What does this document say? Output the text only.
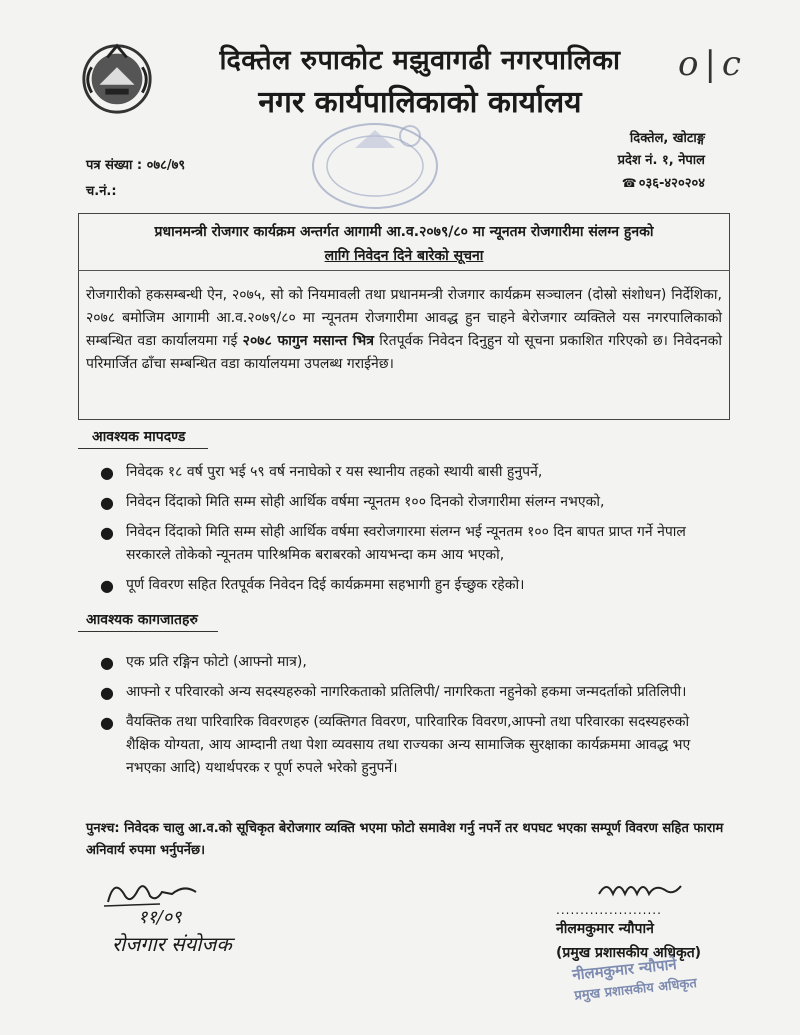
दिक्तेल रुपाकोट मझुवागढी नगरपालिका
नगर कार्यपालिकाको कार्यालय
o|c
पत्र संख्या : ०७८/७९
च.नं.:
दिक्तेल, खोटाङ्ग
प्रदेश नं. १, नेपाल
☎ ०३६-४२०२०४
प्रधानमन्त्री रोजगार कार्यक्रम अन्तर्गत आगामी आ.व.२०७९/८० मा न्यूनतम रोजगारीमा संलग्न हुनको
लागि निवेदन दिने बारेको सूचना
रोजगारीको हकसम्बन्धी ऐन, २०७५, सो को नियमावली तथा प्रधानमन्त्री रोजगार कार्यक्रम सञ्चालन (दोस्रो संशोधन) निर्देशिका, २०७८ बमोजिम आगामी आ.व.२०७९/८० मा न्यूनतम रोजगारीमा आवद्ध हुन चाहने बेरोजगार व्यक्तिले यस नगरपालिकाको सम्बन्धित वडा कार्यालयमा गई २०७८ फागुन मसान्त भित्र रितपूर्वक निवेदन दिनुहुन यो सूचना प्रकाशित गरिएको छ। निवेदनको परिमार्जित ढाँचा सम्बन्धित वडा कार्यालयमा उपलब्ध गराईनेछ।
आवश्यक मापदण्ड
● निवेदक १८ वर्ष पुरा भई ५९ वर्ष ननाघेको र यस स्थानीय तहको स्थायी बासी हुनुपर्ने,
● निवेदन दिंदाको मिति सम्म सोही आर्थिक वर्षमा न्यूनतम १०० दिनको रोजगारीमा संलग्न नभएको,
● निवेदन दिंदाको मिति सम्म सोही आर्थिक वर्षमा स्वरोजगारमा संलग्न भई न्यूनतम १०० दिन बापत प्राप्त गर्ने नेपाल सरकारले तोकेको न्यूनतम पारिश्रमिक बराबरको आयभन्दा कम आय भएको,
● पूर्ण विवरण सहित रितपूर्वक निवेदन दिई कार्यक्रममा सहभागी हुन ईच्छुक रहेको।
आवश्यक कागजातहरु
● एक प्रति रङ्गिन फोटो (आफ्नो मात्र),
● आफ्नो र परिवारको अन्य सदस्यहरुको नागरिकताको प्रतिलिपी/ नागरिकता नहुनेको हकमा जन्मदर्ताको प्रतिलिपी।
● वैयक्तिक तथा पारिवारिक विवरणहरु (व्यक्तिगत विवरण, पारिवारिक विवरण,आफ्नो तथा परिवारका सदस्यहरुको शैक्षिक योग्यता, आय आम्दानी तथा पेशा व्यवसाय तथा राज्यका अन्य सामाजिक सुरक्षाका कार्यक्रममा आवद्ध भए नभएका आदि) यथार्थपरक र पूर्ण रुपले भरेको हुनुपर्ने।
पुनश्च: निवेदक चालु आ.व.को सूचिकृत बेरोजगार व्यक्ति भएमा फोटो समावेश गर्नु नपर्ने तर थपघट भएका सम्पूर्ण विवरण सहित फाराम अनिवार्य रुपमा भर्नुपर्नेछ।
११/०९
रोजगार संयोजक
......................
नीलमकुमार न्यौपाने
(प्रमुख प्रशासकीय अधिकृत)
नीलमकुमार न्यौपाने
प्रमुख प्रशासकीय अधिकृत
